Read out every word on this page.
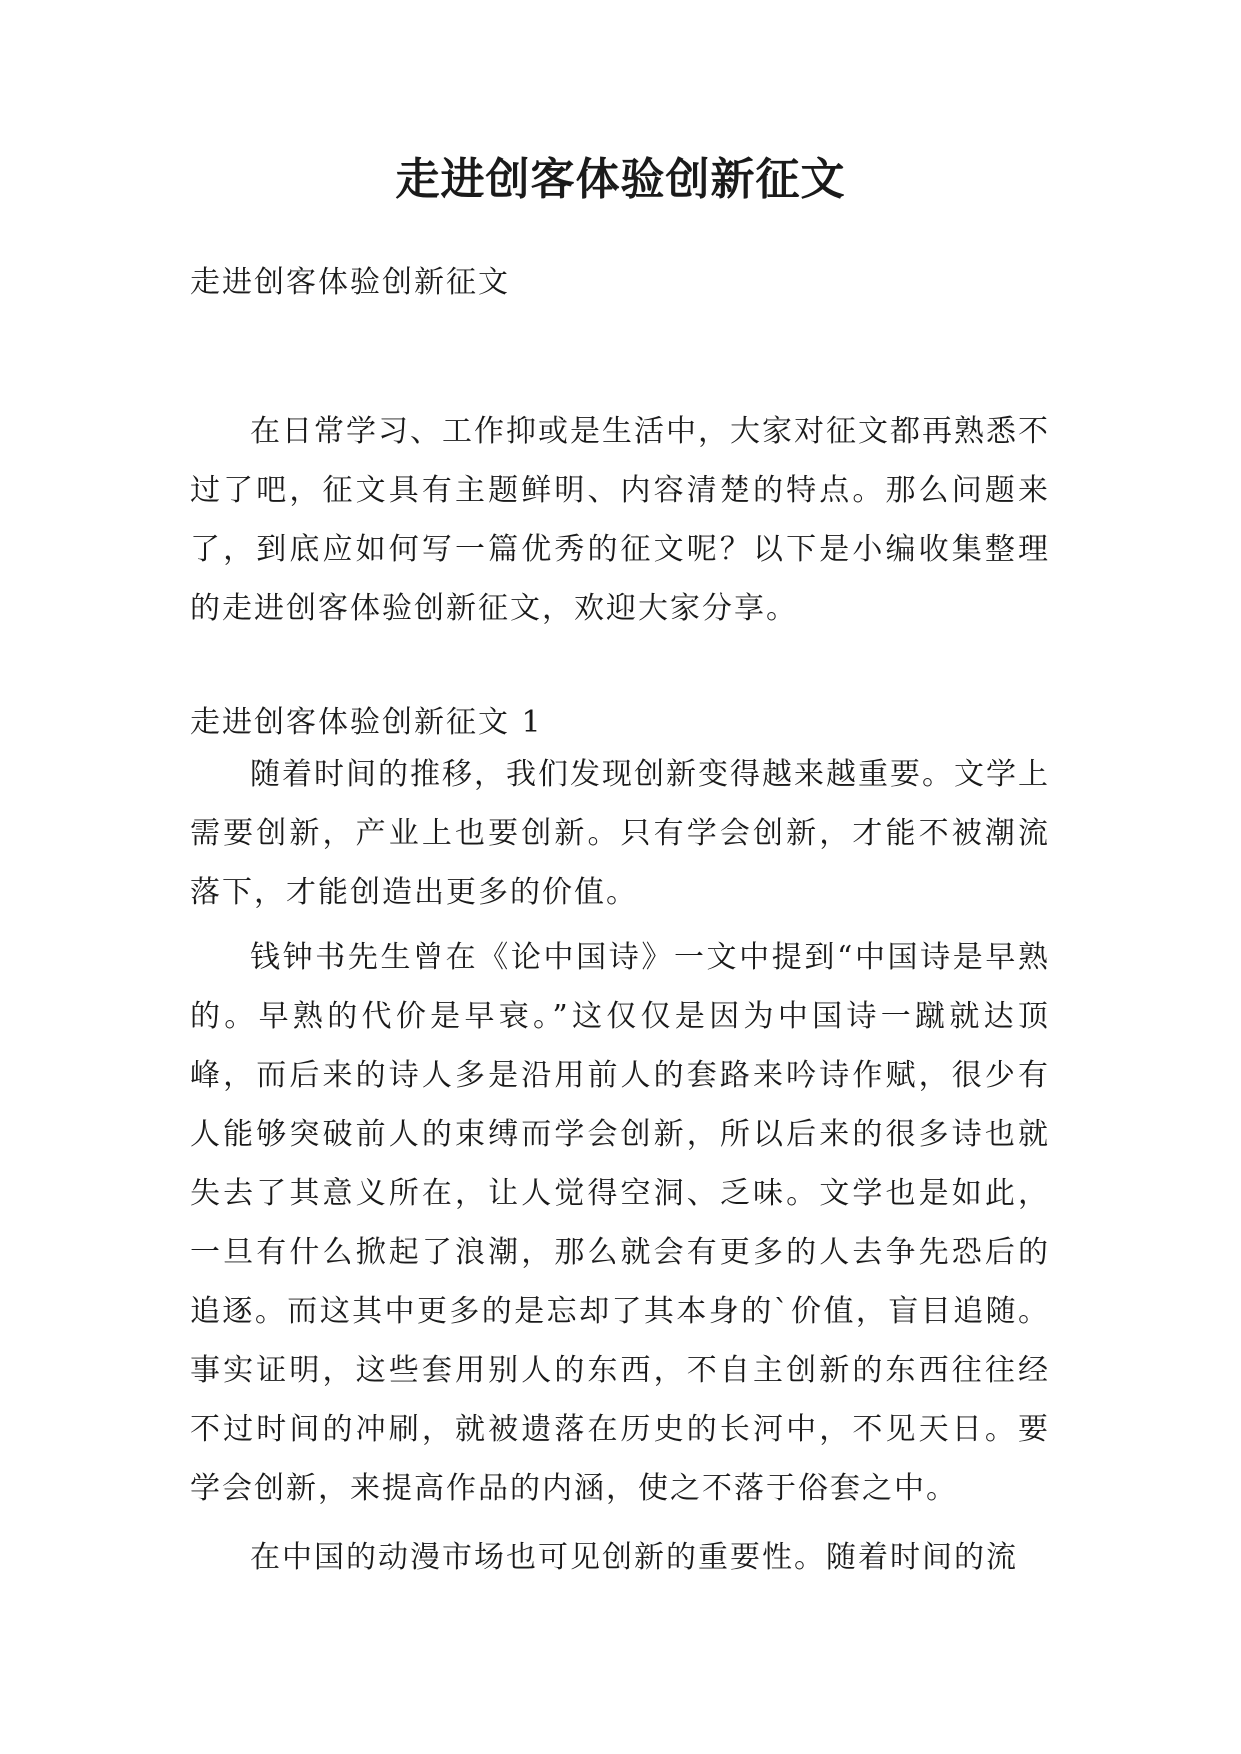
走进创客体验创新征文

走进创客体验创新征文

在日常学习、工作抑或是生活中，大家对征文都再熟悉不过了吧，征文具有主题鲜明、内容清楚的特点。那么问题来了，到底应如何写一篇优秀的征文呢？以下是小编收集整理的走进创客体验创新征文，欢迎大家分享。

走进创客体验创新征文 1

随着时间的推移，我们发现创新变得越来越重要。文学上需要创新，产业上也要创新。只有学会创新，才能不被潮流落下，才能创造出更多的价值。

钱钟书先生曾在《论中国诗》一文中提到“中国诗是早熟的。早熟的代价是早衰。”这仅仅是因为中国诗一蹴就达顶峰，而后来的诗人多是沿用前人的套路来吟诗作赋，很少有人能够突破前人的束缚而学会创新，所以后来的很多诗也就失去了其意义所在，让人觉得空洞、乏味。文学也是如此，一旦有什么掀起了浪潮，那么就会有更多的人去争先恐后的追逐。而这其中更多的是忘却了其本身的`价值，盲目追随。事实证明，这些套用别人的东西，不自主创新的东西往往经不过时间的冲刷，就被遗落在历史的长河中，不见天日。要学会创新，来提高作品的内涵，使之不落于俗套之中。

在中国的动漫市场也可见创新的重要性。随着时间的流
